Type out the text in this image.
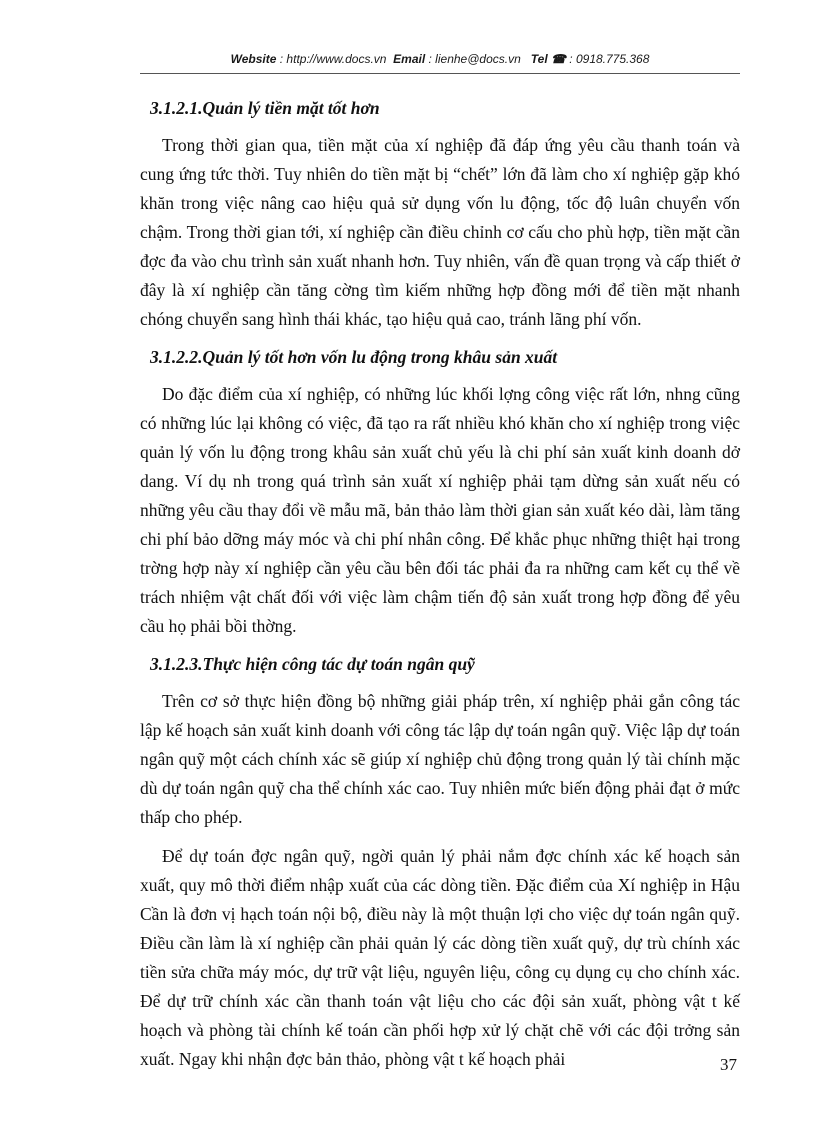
Website : http://www.docs.vn Email : lienhe@docs.vn Tel ☎ : 0918.775.368
3.1.2.1.Quản lý tiền mặt tốt hơn

Trong thời gian qua, tiền mặt của xí nghiệp đã đáp ứng yêu cầu thanh toán và cung ứng tức thời. Tuy nhiên do tiền mặt bị “chết” lớn đã làm cho xí nghiệp gặp khó khăn trong việc nâng cao hiệu quả sử dụng vốn lu động, tốc độ luân chuyển vốn chậm. Trong thời gian tới, xí nghiệp cần điều chỉnh cơ cấu cho phù hợp, tiền mặt cần đợc đa vào chu trình sản xuất nhanh hơn. Tuy nhiên, vấn đề quan trọng và cấp thiết ở đây là xí nghiệp cần tăng cờng tìm kiếm những hợp đồng mới để tiền mặt nhanh chóng chuyển sang hình thái khác, tạo hiệu quả cao, tránh lãng phí vốn.

3.1.2.2.Quản lý tốt hơn vốn lu động trong khâu sản xuất

Do đặc điểm của xí nghiệp, có những lúc khối lợng công việc rất lớn, nhng cũng có những lúc lại không có việc, đã tạo ra rất nhiều khó khăn cho xí nghiệp trong việc quản lý vốn lu động trong khâu sản xuất chủ yếu là chi phí sản xuất kinh doanh dở dang. Ví dụ nh trong quá trình sản xuất xí nghiệp phải tạm dừng sản xuất nếu có những yêu cầu thay đổi về mẫu mã, bản thảo làm thời gian sản xuất kéo dài, làm tăng chi phí bảo dỡng máy móc và chi phí nhân công. Để khắc phục những thiệt hại trong trờng hợp này xí nghiệp cần yêu cầu bên đối tác phải đa ra những cam kết cụ thể về trách nhiệm vật chất đối với việc làm chậm tiến độ sản xuất trong hợp đồng để yêu cầu họ phải bồi thờng.

3.1.2.3.Thực hiện công tác dự toán ngân quỹ

Trên cơ sở thực hiện đồng bộ những giải pháp trên, xí nghiệp phải gắn công tác lập kế hoạch sản xuất kinh doanh với công tác lập dự toán ngân quỹ. Việc lập dự toán ngân quỹ một cách chính xác sẽ giúp xí nghiệp chủ động trong quản lý tài chính mặc dù dự toán ngân quỹ cha thể chính xác cao. Tuy nhiên mức biến động phải đạt ở mức thấp cho phép.

Để dự toán đợc ngân quỹ, ngời quản lý phải nắm đợc chính xác kế hoạch sản xuất, quy mô thời điểm nhập xuất của các dòng tiền. Đặc điểm của Xí nghiệp in Hậu Cần là đơn vị hạch toán nội bộ, điều này là một thuận lợi cho việc dự toán ngân quỹ. Điều cần làm là xí nghiệp cần phải quản lý các dòng tiền xuất quỹ, dự trù chính xác tiền sửa chữa máy móc, dự trữ vật liệu, nguyên liệu, công cụ dụng cụ cho chính xác. Để dự trữ chính xác cần thanh toán vật liệu cho các đội sản xuất, phòng vật t kế hoạch và phòng tài chính kế toán cần phối hợp xử lý chặt chẽ với các đội trởng sản xuất. Ngay khi nhận đợc bản thảo, phòng vật t kế hoạch phải	37
